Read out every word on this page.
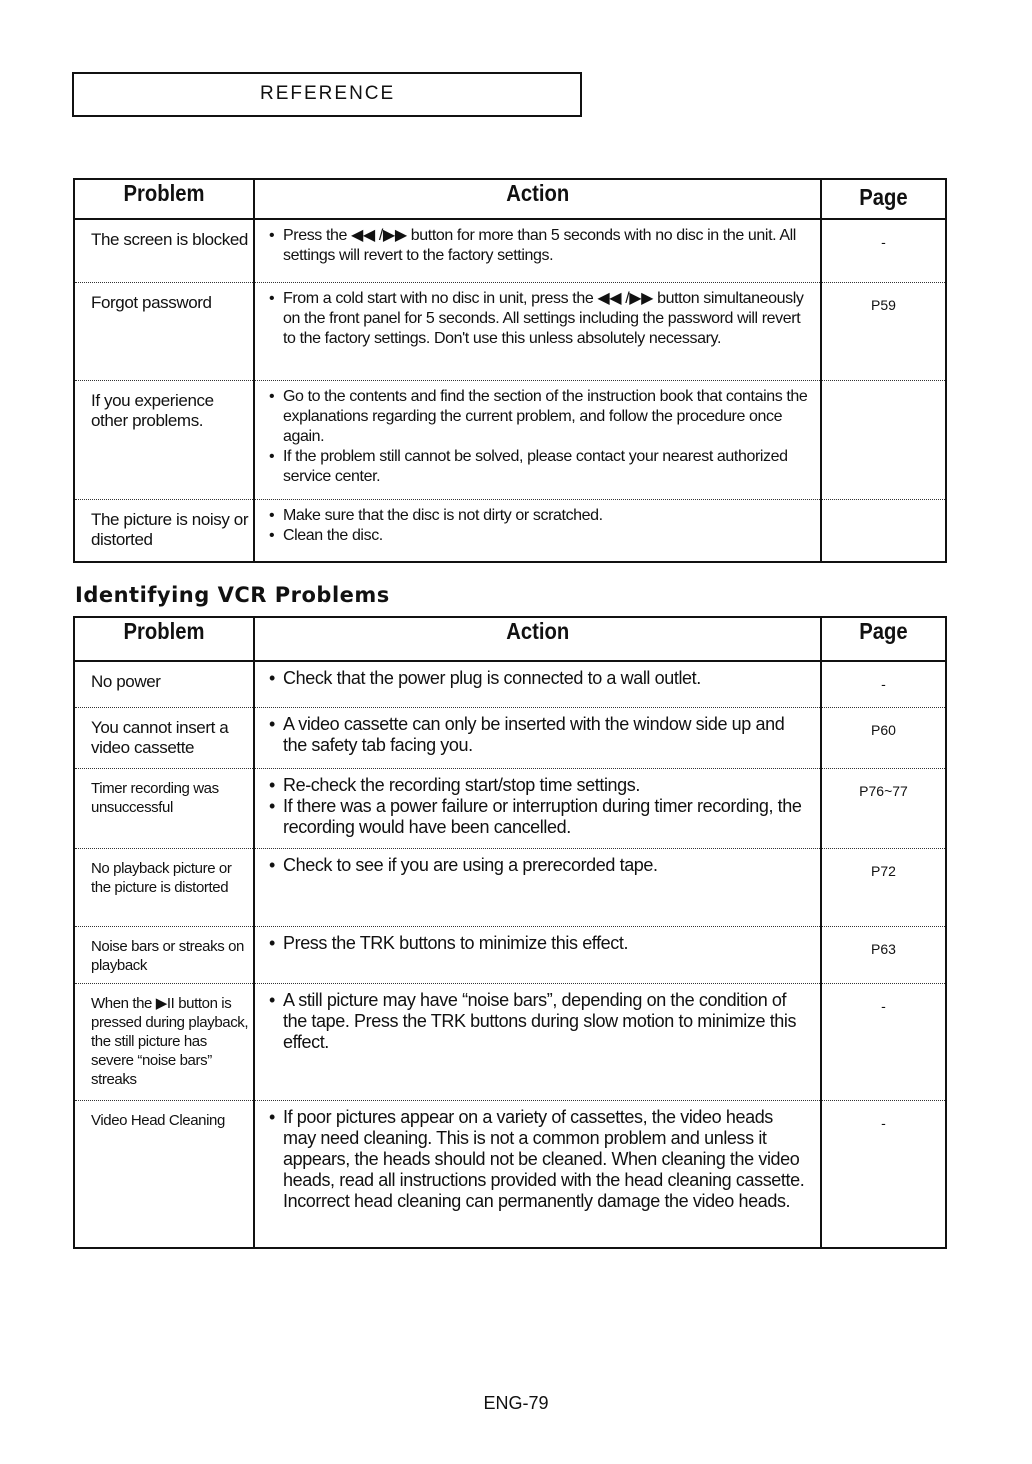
REFERENCE
Problem	Action	Page
The screen is blocked	• Press the ◀◀ /▶▶ button for more than 5 seconds with no disc in the unit. All settings will revert to the factory settings.	-
Forgot password	• From a cold start with no disc in unit, press the ◀◀ /▶▶ button simultaneously on the front panel for 5 seconds. All settings including the password will revert to the factory settings. Don't use this unless absolutely necessary.	P59
If you experience other problems.	• Go to the contents and find the section of the instruction book that contains the explanations regarding the current problem, and follow the procedure once again.
• If the problem still cannot be solved, please contact your nearest authorized service center.

The picture is noisy or distorted	• Make sure that the disc is not dirty or scratched.
• Clean the disc.

Identifying VCR Problems
Problem	Action	Page
No power	• Check that the power plug is connected to a wall outlet.	-
You cannot insert a video cassette	• A video cassette can only be inserted with the window side up and the safety tab facing you.	P60
Timer recording was unsuccessful	• Re-check the recording start/stop time settings.
• If there was a power failure or interruption during timer recording, the recording would have been cancelled.	P76~77
No playback picture or the picture is distorted	• Check to see if you are using a prerecorded tape.	P72
Noise bars or streaks on playback	• Press the TRK buttons to minimize this effect.	P63
When the ▶II button is pressed during playback, the still picture has severe “noise bars” streaks	• A still picture may have “noise bars”, depending on the condition of the tape. Press the TRK buttons during slow motion to minimize this effect.	-
Video Head Cleaning	• If poor pictures appear on a variety of cassettes, the video heads may need cleaning. This is not a common problem and unless it appears, the heads should not be cleaned. When cleaning the video heads, read all instructions provided with the head cleaning cassette. Incorrect head cleaning can permanently damage the video heads.	-
ENG-79
